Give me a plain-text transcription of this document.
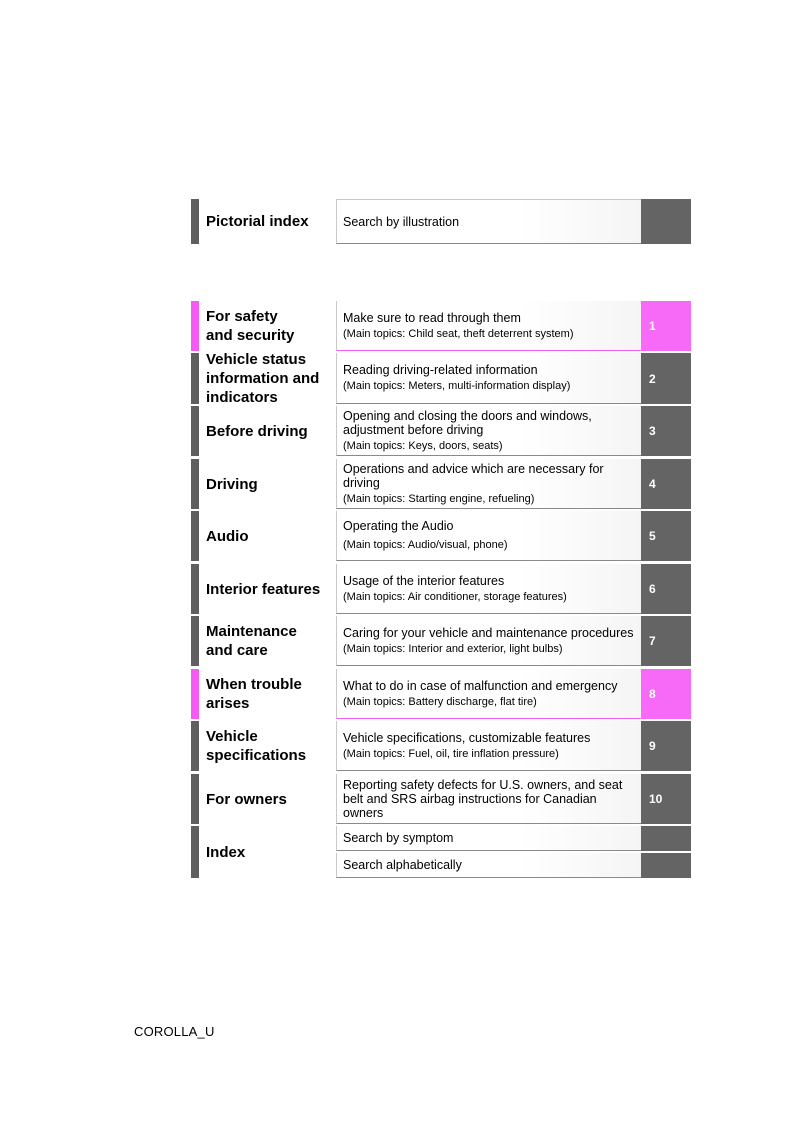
Pictorial index	Search by illustration
For safety
and security
Make sure to read through them
(Main topics: Child seat, theft deterrent system)
1
Vehicle status
information and
indicators
Reading driving-related information
(Main topics: Meters, multi-information display)
2
Before driving
Opening and closing the doors and windows, adjustment before driving
(Main topics: Keys, doors, seats)
3
Driving
Operations and advice which are necessary for driving
(Main topics: Starting engine, refueling)
4
Audio
Operating the Audio
(Main topics: Audio/visual, phone)
5
Interior features Usage of the interior features
(Main topics: Air conditioner, storage features)
6
Maintenance
and care
Caring for your vehicle and maintenance procedures
(Main topics: Interior and exterior, light bulbs)
7
When trouble
arises
What to do in case of malfunction and emergency
(Main topics: Battery discharge, flat tire)
8
Vehicle
specifications
Vehicle specifications, customizable features
(Main topics: Fuel, oil, tire inflation pressure)
9
For owners
Reporting safety defects for U.S. owners, and seat belt and SRS airbag instructions for Canadian owners
10
Index
Search by symptom
Search alphabetically
COROLLA_U
